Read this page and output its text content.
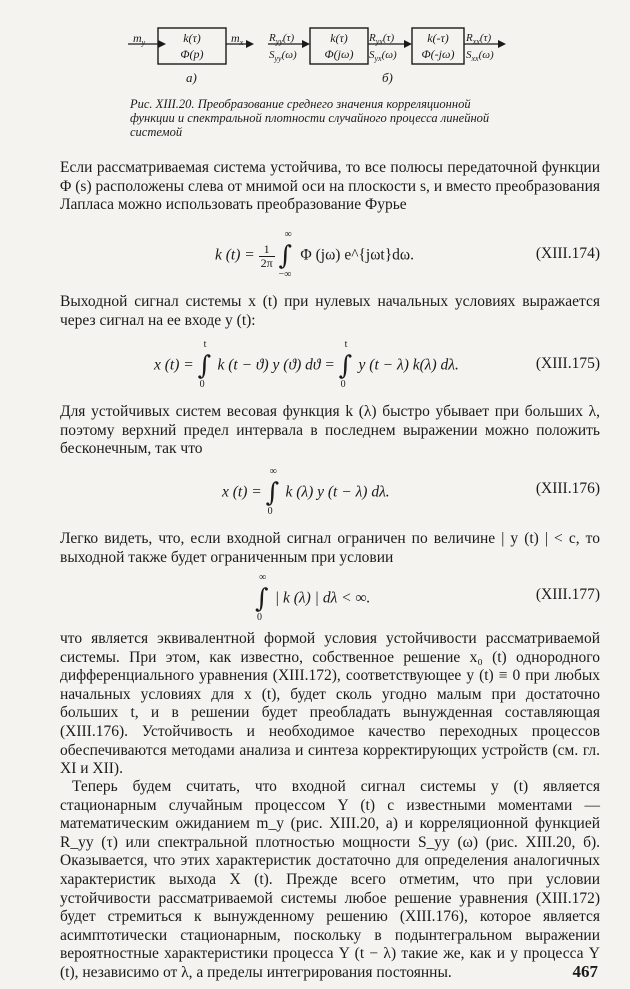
$m_y$	k(τ)
Φ(p)
$m_x$
а)
$R_{yy}(\tau)$
$S_{yy}(\omega)$
k(τ)
Φ(jω)
$R_{yx}(\tau)$
$S_{yx}(\omega)$
k(-τ)
Φ(-jω)
$R_{xx}(\tau)$
$S_{xx}(\omega)$
б)
Рис. XIII.20. Преобразование среднего значения корреляционной функции и спектральной плотности случайного процесса линейной системой
Если рассматриваемая система устойчива, то все полюсы передаточной функции Φ (s) расположены слева от мнимой оси на плоскости s, и вместо преобразования Лапласа можно использовать преобразование Фурье
k $(t) = \frac{1}{2\pi}$ ∫
∞
−∞
Φ (jω) e^{jωt}dω.	(XIII.174)
Выходной сигнал системы x (t) при нулевых начальных условиях выражается через сигнал на ее входе y (t):
x (t) = ∫
t
0
k (t − ϑ) y (ϑ) dϑ = ∫
t
0
y (t − λ) k(λ) dλ.	(XIII.175)
Для устойчивых систем весовая функция k (λ) быстро убывает при больших λ, поэтому верхний предел интервала в последнем выражении можно положить бесконечным, так что
x (t) = ∫
∞
0
k (λ) y (t − λ) dλ.	(XIII.176)
Легко видеть, что, если входной сигнал ограничен по величине | y (t) | < c, то выходной также будет ограниченным при условии
∫
∞
0
| k (λ) | dλ < ∞.	(XIII.177)
что является эквивалентной формой условия устойчивости рассматриваемой системы. При этом, как известно, собственное решение x₀ (t) однородного дифференциального уравнения (XIII.172), соответствующее y (t) ≡ 0 при любых начальных условиях для x (t), будет сколь угодно малым при достаточно больших t, и в решении будет преобладать вынужденная составляющая (XIII.176). Устойчивость и необходимое качество переходных процессов обеспечиваются методами анализа и синтеза корректирующих устройств (см. гл. XI и XII).
Теперь будем считать, что входной сигнал системы y (t) является стационарным случайным процессом Y (t) с известными моментами — математическим ожиданием m_y (рис. XIII.20, а) и корреляционной функцией R_yy (τ) или спектральной плотностью мощности S_yy (ω) (рис. XIII.20, б). Оказывается, что этих характеристик достаточно для определения аналогичных характеристик выхода X (t). Прежде всего отметим, что при условии устойчивости рассматриваемой системы любое решение уравнения (XIII.172) будет стремиться к вынужденному решению (XIII.176), которое является асимптотически стационарным, поскольку в подынтегральном выражении вероятностные характеристики процесса Y (t − λ) такие же, как и у процесса Y (t), независимо от λ, а пределы интегрирования постоянны.	467
